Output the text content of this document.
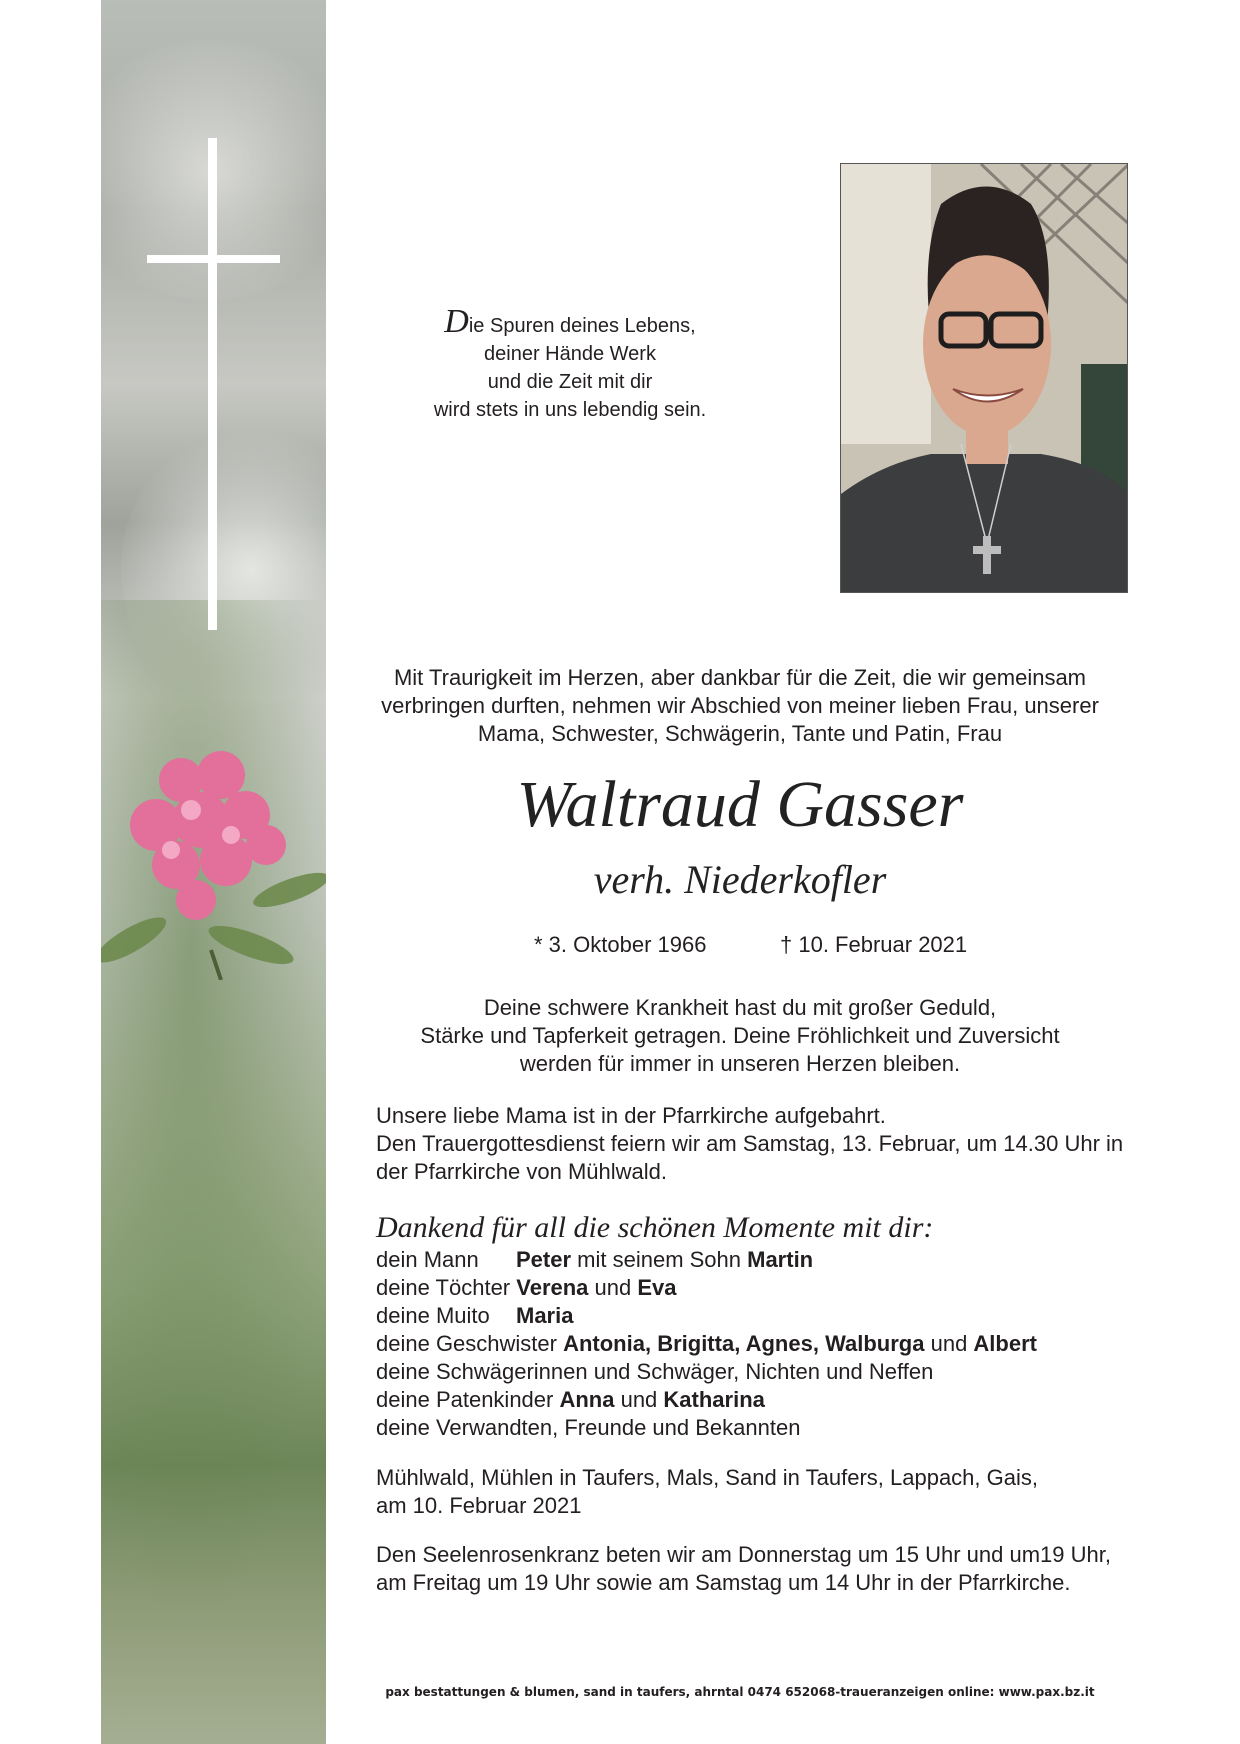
Die Spuren deines Lebens,
deiner Hände Werk
und die Zeit mit dir
wird stets in uns lebendig sein.
Mit Traurigkeit im Herzen, aber dankbar für die Zeit, die wir gemeinsam
verbringen durften, nehmen wir Abschied von meiner lieben Frau, unserer
Mama, Schwester, Schwägerin, Tante und Patin, Frau
Waltraud Gasser
verh. Niederkofler
* 3. Oktober 1966	† 10. Februar 2021
Deine schwere Krankheit hast du mit großer Geduld,
Stärke und Tapferkeit getragen. Deine Fröhlichkeit und Zuversicht
werden für immer in unseren Herzen bleiben.
Unsere liebe Mama ist in der Pfarrkirche aufgebahrt.
Den Trauergottesdienst feiern wir am Samstag, 13. Februar, um 14.30 Uhr in
der Pfarrkirche von Mühlwald.
Dankend für all die schönen Momente mit dir:
dein Mann Peter mit seinem Sohn Martin
deine Töchter Verena und Eva
deine Muito Maria
deine Geschwister Antonia, Brigitta, Agnes, Walburga und Albert
deine Schwägerinnen und Schwäger, Nichten und Neffen
deine Patenkinder Anna und Katharina
deine Verwandten, Freunde und Bekannten
Mühlwald, Mühlen in Taufers, Mals, Sand in Taufers, Lappach, Gais,
am 10. Februar 2021
Den Seelenrosenkranz beten wir am Donnerstag um 15 Uhr und um19 Uhr,
am Freitag um 19 Uhr sowie am Samstag um 14 Uhr in der Pfarrkirche.
pax bestattungen & blumen, sand in taufers, ahrntal 0474 652068-traueranzeigen online: www.pax.bz.it
